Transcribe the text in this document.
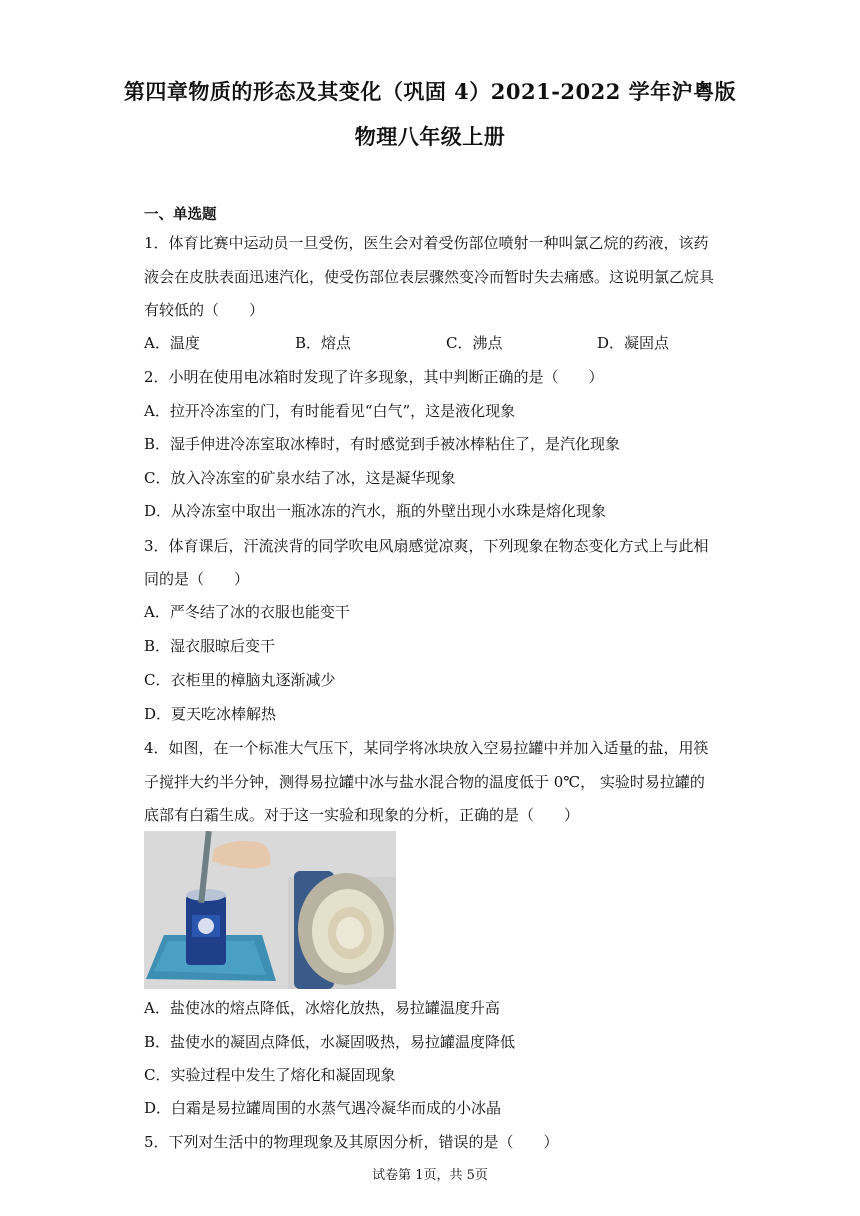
第四章物质的形态及其变化（巩固 4）2021-2022 学年沪粤版
物理八年级上册
一、单选题
1．体育比赛中运动员一旦受伤，医生会对着受伤部位喷射一种叫氯乙烷的药液，该药
液会在皮肤表面迅速汽化，使受伤部位表层骤然变冷而暂时失去痛感。这说明氯乙烷具
有较低的（　　）
A．温度	B．熔点	C．沸点	D．凝固点
2．小明在使用电冰箱时发现了许多现象，其中判断正确的是（　　）
A．拉开冷冻室的门，有时能看见“白气”，这是液化现象
B．湿手伸进冷冻室取冰棒时，有时感觉到手被冰棒粘住了，是汽化现象
C．放入冷冻室的矿泉水结了冰，这是凝华现象
D．从冷冻室中取出一瓶冰冻的汽水，瓶的外壁出现小水珠是熔化现象
3．体育课后，汗流浃背的同学吹电风扇感觉凉爽，下列现象在物态变化方式上与此相
同的是（　　）
A．严冬结了冰的衣服也能变干
B．湿衣服晾后变干
C．衣柜里的樟脑丸逐渐减少
D．夏天吃冰棒解热
4．如图，在一个标准大气压下，某同学将冰块放入空易拉罐中并加入适量的盐，用筷
子搅拌大约半分钟，测得易拉罐中冰与盐水混合物的温度低于 0℃， 实验时易拉罐的
底部有白霜生成。对于这一实验和现象的分析，正确的是（　　）
A．盐使冰的熔点降低，冰熔化放热，易拉罐温度升高
B．盐使水的凝固点降低，水凝固吸热，易拉罐温度降低
C．实验过程中发生了熔化和凝固现象
D．白霜是易拉罐周围的水蒸气遇冷凝华而成的小冰晶
5．下列对生活中的物理现象及其原因分析，错误的是（　　）
试卷第 1页，共 5页
